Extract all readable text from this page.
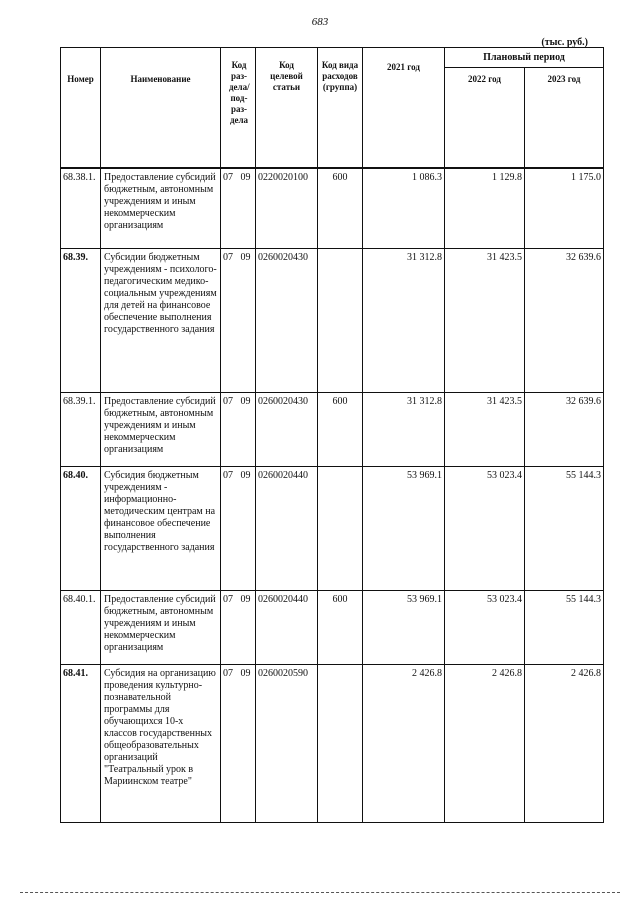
683
(тыс. руб.)
Номер	Наименование	Код раз-дела/ под-раз-дела		Код целевой статьи	Код вида расходов (группа)	2021 год	Плановый период	
							2022 год	2023 год

68.38.1.	Предоставление субсидий бюджетным, автономным учреждениям и иным некоммерческим организациям	07	09	0220020100	600	1 086.3	1 129.8	1 175.0
68.39.	Субсидии бюджетным учреждениям - психолого-педагогическим медико-социальным учреждениям для детей на финансовое обеспечение выполнения государственного задания	07	09	0260020430		31 312.8	31 423.5	32 639.6
68.39.1.	Предоставление субсидий бюджетным, автономным учреждениям и иным некоммерческим организациям	07	09	0260020430	600	31 312.8	31 423.5	32 639.6
68.40.	Субсидия бюджетным учреждениям - информационно-методическим центрам на финансовое обеспечение выполнения государственного задания	07	09	0260020440		53 969.1	53 023.4	55 144.3
68.40.1.	Предоставление субсидий бюджетным, автономным учреждениям и иным некоммерческим организациям	07	09	0260020440	600	53 969.1	53 023.4	55 144.3
68.41.	Субсидия на организацию проведения культурно-познавательной программы для обучающихся 10-х классов государственных общеобразовательных организаций "Театральный урок в Мариинском театре"	07	09	0260020590		2 426.8	2 426.8	2 426.8
